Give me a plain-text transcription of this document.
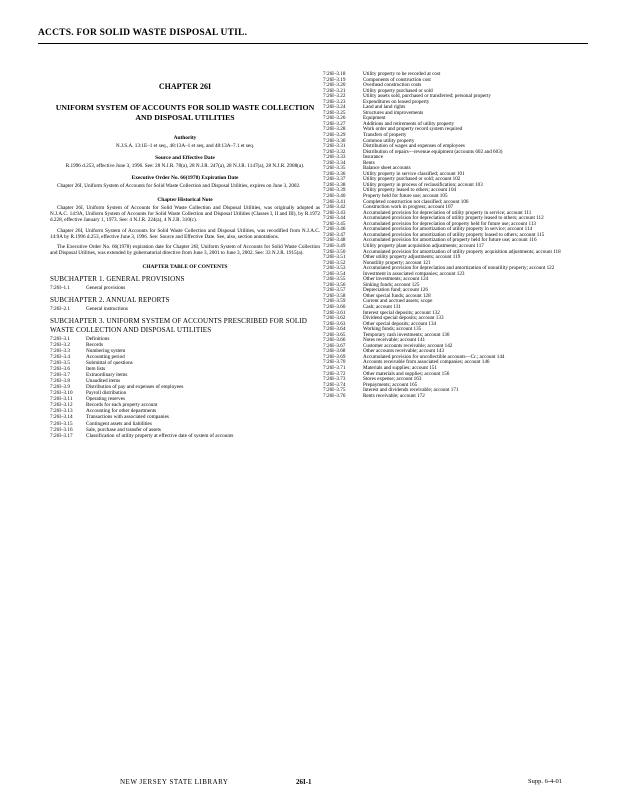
ACCTS. FOR SOLID WASTE DISPOSAL UTIL.
CHAPTER 26I
UNIFORM SYSTEM OF ACCOUNTS FOR SOLID WASTE COLLECTION AND DISPOSAL UTILITIES
Authority
N.J.S.A. 13:1E–1 et seq., 48:13A–1 et seq. and 48:13A–7.1 et seq.
Source and Effective Date
R.1996 d.253, effective June 3, 1996. See: 28 N.J.R. 78(a), 28 N.J.R. 247(a), 28 N.J.R. 1147(a), 28 N.J.R. 2908(a).
Executive Order No. 66(1978) Expiration Date
Chapter 26I, Uniform System of Accounts for Solid Waste Collection and Disposal Utilities, expires on June 3, 2002.
Chapter Historical Note
Chapter 26I, Uniform System of Accounts for Solid Waste Collection and Disposal Utilities, was originally adopted as N.J.A.C. 14:9A, Uniform System of Accounts for Solid Waste Collection and Disposal Utilities (Classes I, II and III), by R.1972 d.228, effective January 1, 1973. See: 4 N.J.R. 224(a), 4 N.J.R. 310(c).
Chapter 26I, Uniform System of Accounts for Solid Waste Collection and Disposal Utilities, was recodified from N.J.A.C. 14:9A by R.1996 d.253, effective June 3, 1996. See: Source and Effective Date. See, also, section annotations.
The Executive Order No. 66(1978) expiration date for Chapter 26I, Uniform System of Accounts for Solid Waste Collection and Disposal Utilities, was extended by gubernatorial directive from June 3, 2001 to June 3, 2002. See: 33 N.J.R. 1915(a).
CHAPTER TABLE OF CONTENTS
SUBCHAPTER 1. GENERAL PROVISIONS
7:26I–1.1	General provisions
SUBCHAPTER 2. ANNUAL REPORTS
7:26I–2.1	General instructions
SUBCHAPTER 3. UNIFORM SYSTEM OF ACCOUNTS PRESCRIBED FOR SOLID WASTE COLLECTION AND DISPOSAL UTILITIES
7:26I–3.1	Definitions
7:26I–3.2	Records
7:26I–3.3	Numbering system
7:26I–3.4	Accounting period
7:26I–3.5	Submittal of questions
7:26I–3.6	Item lists
7:26I–3.7	Extraordinary items
7:26I–3.8	Unaudited items
7:26I–3.9	Distribution of pay and expenses of employees
7:26I–3.10	Payroll distribution
7:26I–3.11	Operating reserves
7:26I–3.12	Records for each property account
7:26I–3.13	Accounting for other departments
7:26I–3.14	Transactions with associated companies
7:26I–3.15	Contingent assets and liabilities
7:26I–3.16	Sale, purchase and transfer of assets
7:26I–3.17	Classification of utility property at effective date of system of accounts
7:26I–3.18	Utility property to be recorded at cost
7:26I–3.19	Components of construction cost
7:26I–3.20	Overhead construction costs
7:26I–3.21	Utility property purchased or sold
7:26I–3.22	Utility assets sold, purchased or transferred; personal property
7:26I–3.23	Expenditures on leased property
7:26I–3.24	Land and land rights
7:26I–3.25	Structures and improvements
7:26I–3.26	Equipment
7:26I–3.27	Additions and retirements of utility property
7:26I–3.28	Work order and property record system required
7:26I–3.29	Transfers of property
7:26I–3.30	Common utility property
7:26I–3.31	Distribution of wages and expenses of employees
7:26I–3.32	Distribution of repairs—revenue equipment (accounts 602 and 603)
7:26I–3.33	Insurance
7:26I–3.34	Rents
7:26I–3.35	Balance sheet accounts
7:26I–3.36	Utility property in service classified; account 101
7:26I–3.37	Utility property purchased or sold; account 102
7:26I–3.38	Utility property in process of reclassification; account 103
7:26I–3.39	Utility property leased to others; account 104
7:26I–3.40	Property held for future use; account 105
7:26I–3.41	Completed construction not classified; account 106
7:26I–3.42	Construction work in progress; account 107
7:26I–3.43	Accumulated provision for depreciation of utility property in service; account 111
7:26I–3.44	Accumulated provision for depreciation of utility property leased to others; account 112
7:26I–3.45	Accumulated provision for depreciation of property held for future use; account 113
7:26I–3.46	Accumulated provision for amortization of utility property in service; account 114
7:26I–3.47	Accumulated provision for amortization of utility property leased to others; account 115
7:26I–3.48	Accumulated provision for amortization of property held for future use; account 116
7:26I–3.49	Utility property plant acquisition adjustments; account 117
7:26I–3.50	Accumulated provision for amortization of utility property acquisition adjustments; account 118
7:26I–3.51	Other utility property adjustments; account 119
7:26I–3.52	Nonutility property; account 121
7:26I–3.53	Accumulated provision for depreciation and amortization of nonutility property; account 122
7:26I–3.54	Investment in associated companies; account 123
7:26I–3.55	Other investments; account 124
7:26I–3.56	Sinking funds; account 125
7:26I–3.57	Depreciation fund; account 126
7:26I–3.58	Other special funds; account 128
7:26I–3.59	Current and accrued assets; scope
7:26I–3.60	Cash; account 131
7:26I–3.61	Interest special deposits; account 132
7:26I–3.62	Dividend special deposits; account 133
7:26I–3.63	Other special deposits; account 134
7:26I–3.64	Working funds; account 135
7:26I–3.65	Temporary cash investments; account 136
7:26I–3.66	Notes receivable; account 141
7:26I–3.67	Customer accounts receivable; account 142
7:26I–3.68	Other accounts receivable; account 143
7:26I–3.69	Accumulated provision for uncollectible accounts—Cr.; account 144
7:26I–3.70	Accounts receivable from associated companies; account 146
7:26I–3.71	Materials and supplies; account 151
7:26I–3.72	Other materials and supplies; account 156
7:26I–3.73	Stores expense; account 163
7:26I–3.74	Prepayments; account 165
7:26I–3.75	Interest and dividends receivable; account 171
7:26I–3.76	Rents receivable; account 172
NEW JERSEY STATE LIBRARY	26I-1	Supp. 6-4-01
